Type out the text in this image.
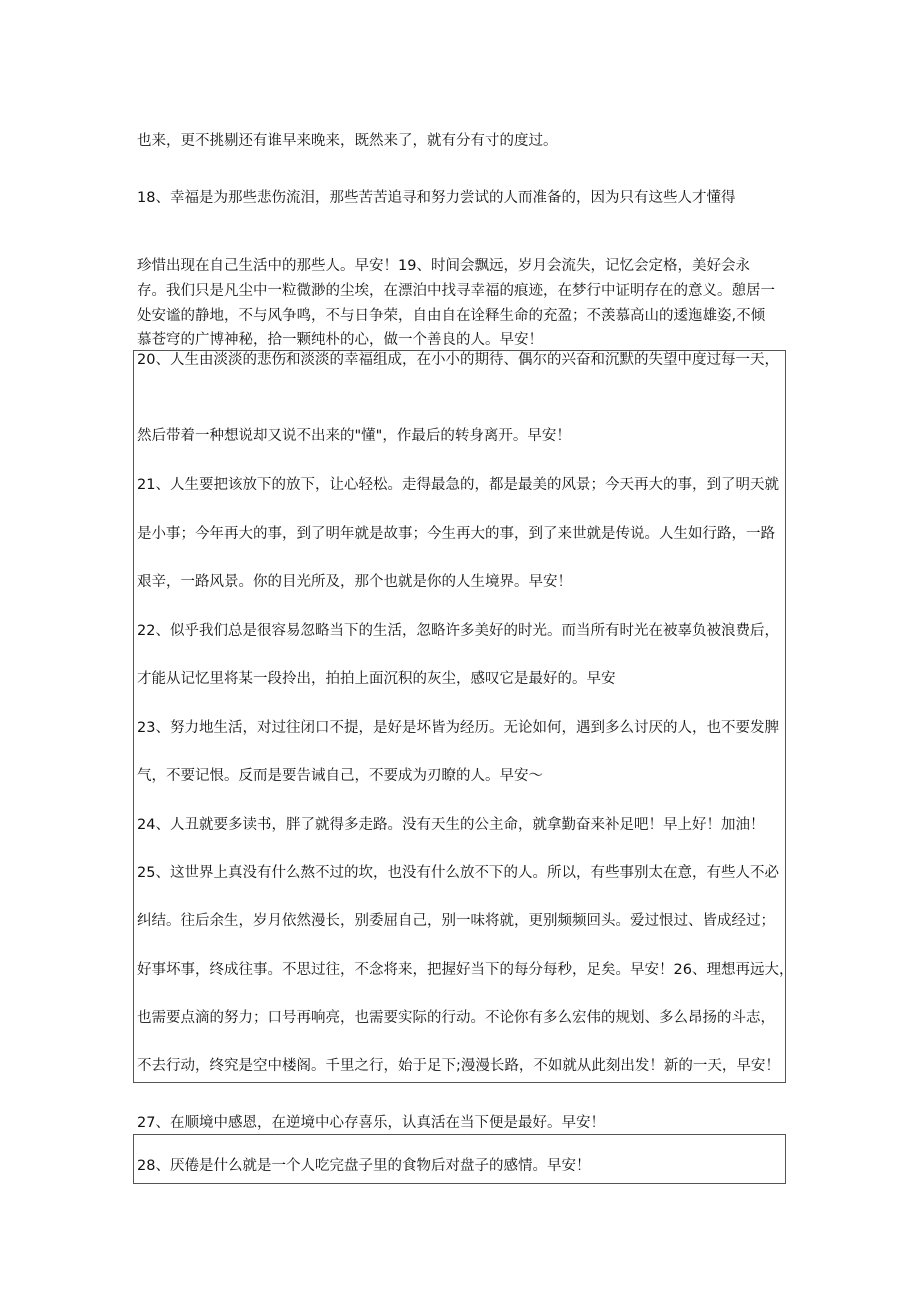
也来，更不挑剔还有谁早来晚来，既然来了，就有分有寸的度过。
18、幸福是为那些悲伤流泪，那些苦苦追寻和努力尝试的人而准备的，因为只有这些人才懂得
珍惜出现在自己生活中的那些人。早安！19、时间会飘远，岁月会流失，记忆会定格，美好会永
存。我们只是凡尘中一粒微渺的尘埃，在漂泊中找寻幸福的痕迹，在梦行中证明存在的意义。憩居一
处安谧的静地，不与风争鸣，不与日争荣，自由自在诠释生命的充盈；不羡慕高山的逶迤雄姿,不倾
慕苍穹的广博神秘，拾一颗纯朴的心，做一个善良的人。早安！
20、人生由淡淡的悲伤和淡淡的幸福组成，在小小的期待、偶尔的兴奋和沉默的失望中度过每一天，
然后带着一种想说却又说不出来的"懂"，作最后的转身离开。早安！
21、人生要把该放下的放下，让心轻松。走得最急的，都是最美的风景；今天再大的事，到了明天就
是小事；今年再大的事，到了明年就是故事；今生再大的事，到了来世就是传说。人生如行路，一路
艰辛，一路风景。你的目光所及，那个也就是你的人生境界。早安！
22、似乎我们总是很容易忽略当下的生活，忽略许多美好的时光。而当所有时光在被辜负被浪费后，
才能从记忆里将某一段拎出，拍拍上面沉积的灰尘，感叹它是最好的。早安
23、努力地生活，对过往闭口不提，是好是坏皆为经历。无论如何，遇到多么讨厌的人，也不要发脾
气，不要记恨。反而是要告诫自己，不要成为刃瞭的人。早安〜
24、人丑就要多读书，胖了就得多走路。没有天生的公主命，就拿勤奋来补足吧！早上好！加油！
25、这世界上真没有什么熬不过的坎，也没有什么放不下的人。所以，有些事别太在意，有些人不必
纠结。往后余生，岁月依然漫长，别委屈自己，别一味将就，更别频频回头。爱过恨过、皆成经过；
好事坏事，终成往事。不思过往，不念将来，把握好当下的每分每秒，足矣。早安！26、理想再远大，
也需要点滴的努力；口号再响亮，也需要实际的行动。不论你有多么宏伟的规划、多么昂扬的斗志，
不去行动，终究是空中楼阁。千里之行，始于足下;漫漫长路，不如就从此刻出发！新的一天，早安！
27、在顺境中感恩，在逆境中心存喜乐，认真活在当下便是最好。早安！
28、厌倦是什么就是一个人吃完盘子里的食物后对盘子的感情。早安！
